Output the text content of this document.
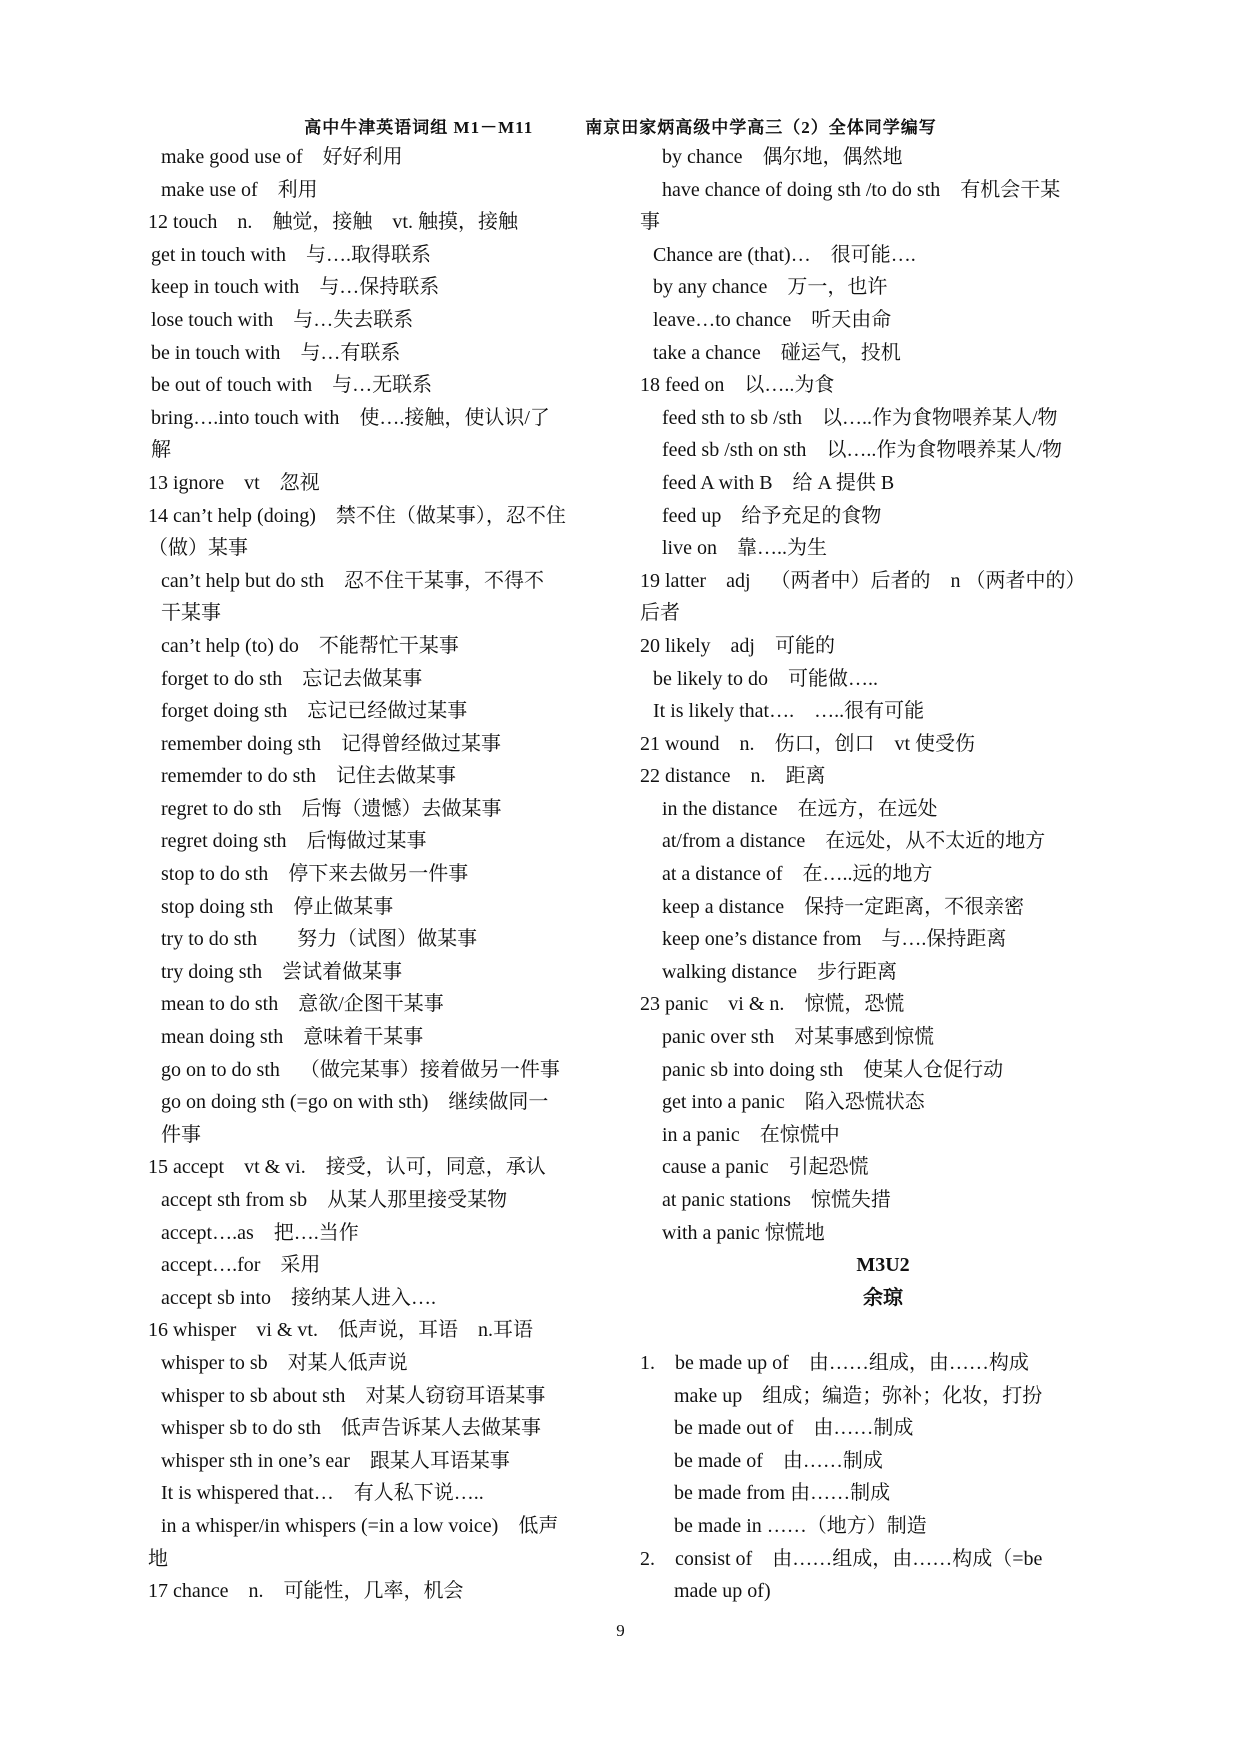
高中牛津英语词组 M1－M11	南京田家炳高级中学高三（2）全体同学编写
make good use of 好好利用
make use of 利用
12 touch　n. 触觉，接触　vt. 触摸，接触
get in touch with 与….取得联系
keep in touch with 与…保持联系
lose touch with 与…失去联系
be in touch with 与…有联系
be out of touch with 与…无联系
bring….into touch with 使….接触，使认识/了
解
13 ignore　vt 忽视
14 can’t help (doing) 禁不住（做某事），忍不住
（做）某事
can’t help but do sth 忍不住干某事，不得不
干某事
can’t help (to) do 不能帮忙干某事
forget to do sth 忘记去做某事
forget doing sth 忘记已经做过某事
remember doing sth 记得曾经做过某事
rememder to do sth 记住去做某事
regret to do sth 后悔（遗憾）去做某事
regret doing sth 后悔做过某事
stop to do sth 停下来去做另一件事
stop doing sth 停止做某事
try to do sth　努力（试图）做某事
try doing sth 尝试着做某事
mean to do sth 意欲/企图干某事
mean doing sth 意味着干某事
go on to do sth （做完某事）接着做另一件事
go on doing sth (=go on with sth) 继续做同一
件事
15 accept　vt & vi. 接受，认可，同意，承认
accept sth from sb 从某人那里接受某物
accept….as 把….当作
accept….for 采用
accept sb into 接纳某人进入….
16 whisper　vi & vt. 低声说，耳语　n.耳语
whisper to sb 对某人低声说
whisper to sb about sth 对某人窃窃耳语某事
whisper sb to do sth 低声告诉某人去做某事
whisper sth in one’s ear 跟某人耳语某事
It is whispered that… 有人私下说…..
in a whisper/in whispers (=in a low voice) 低声
地
17 chance　n. 可能性，几率，机会
by chance 偶尔地，偶然地
have chance of doing sth /to do sth 有机会干某
事
Chance are (that)… 很可能….
by any chance 万一，也许
leave…to chance 听天由命
take a chance 碰运气，投机
18 feed on 以…..为食
feed sth to sb /sth 以…..作为食物喂养某人/物
feed sb /sth on sth 以…..作为食物喂养某人/物
feed A with B 给 A 提供 B
feed up 给予充足的食物
live on 靠…..为生
19 latter　adj （两者中）后者的　n （两者中的）
后者
20 likely　adj 可能的
be likely to do 可能做…..
It is likely that…. …..很有可能
21 wound　n. 伤口，创口　vt 使受伤
22 distance　n. 距离
in the distance 在远方，在远处
at/from a distance 在远处，从不太近的地方
at a distance of 在…..远的地方
keep a distance 保持一定距离，不很亲密
keep one’s distance from 与….保持距离
walking distance 步行距离
23 panic　vi & n. 惊慌，恐慌
panic over sth 对某事感到惊慌
panic sb into doing sth 使某人仓促行动
get into a panic 陷入恐慌状态
in a panic 在惊慌中
cause a panic 引起恐慌
at panic stations 惊慌失措
with a panic 惊慌地
M3U2
余琼
1.　be made up of 由……组成，由……构成
make up 组成；编造；弥补；化妆，打扮
be made out of 由……制成
be made of 由……制成
be made from 由……制成
be made in ……（地方）制造
2.　consist of 由……组成，由……构成（=be
made up of)
9
